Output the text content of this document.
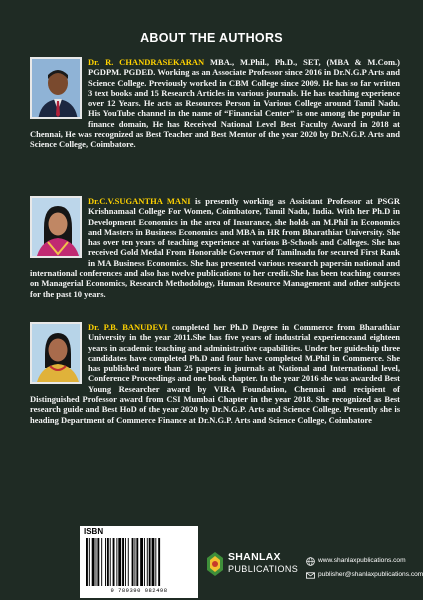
ABOUT THE AUTHORS

Dr. R. CHANDRASEKARAN MBA., M.Phil., Ph.D., SET, (MBA & M.Com.) PGDPM. PGDED. Working as an Associate Professor since 2016 in Dr.N.G.P Arts and Science College. Previously worked in CBM College since 2009. He has so far written 3 text books and 15 Research Articles in various journals. He has teaching experience over 12 Years. He acts as Resources Person in Various College around Tamil Nadu. His YouTube channel in the name of “Financial Center” is one among the popular in finance domain, He has Received National Level Best Faculty Award in 2018 at Chennai, He was recognized as Best Teacher and Best Mentor of the year 2020 by Dr.N.G.P. Arts and Science College, Coimbatore.

Dr.C.V.SUGANTHA MANI is presently working as Assistant Professor at PSGR Krishnamaal College For Women, Coimbatore, Tamil Nadu, India. With her Ph.D in Development Economics in the area of Insurance, she holds an M.Phil in Economics and Masters in Business Economics and MBA in HR from Bharathiar University. She has over ten years of teaching experience at various B-Schools and Colleges. She has received Gold Medal From Honorable Governor of Tamilnadu for secured First Rank in MA Business Economics. She has presented various research papersin national and international conferences and also has twelve publications to her credit.She has been teaching courses on Managerial Economics, Research Methodology, Human Resource Management and other subjects for the past 10 years.

Dr. P.B. BANUDEVI completed her Ph.D Degree in Commerce from Bharathiar University in the year 2011.She has five years of industrial experienceand eighteen years in academic teaching and administrative capabilities. Under her guideship three candidates have completed Ph.D and four have completed M.Phil in Commerce. She has published more than 25 papers in journals at National and International level, Conference Proceedings and one book chapter. In the year 2016 she was awarded Best Young Researcher award by VIRA Foundation, Chennai and recipient of Distinguished Professor award from CSI Mumbai Chapter in the year 2018. She recognized as Best research guide and Best HoD of the year 2020 by Dr.N.G.P. Arts and Science College. Presently she is heading Department of Commerce Finance at Dr.N.G.P. Arts and Science College, Coimbatore

ISBN
9 789390 082498
SHANLAX
PUBLICATIONS
www.shanlaxpublications.com
publisher@shanlaxpublications.com
